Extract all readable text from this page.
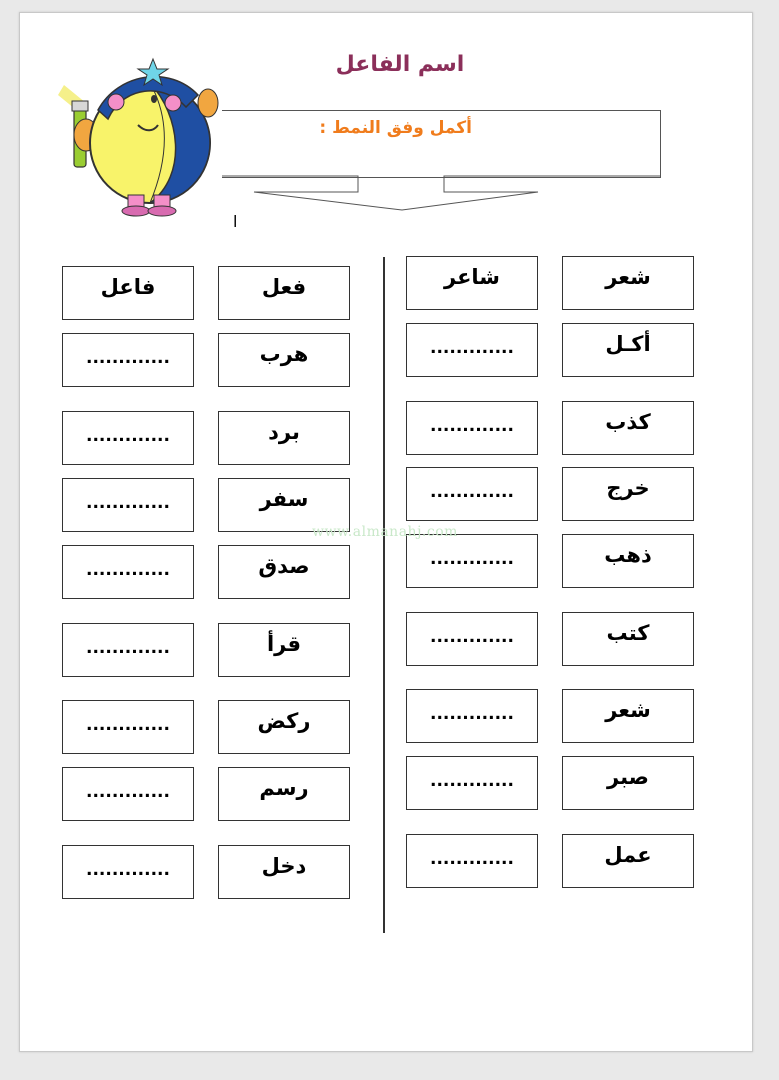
اسم الفاعل
أكمل وفق النمط :
ا
فاعل	فعل
.............	هرب
.............	برد
.............	سفر
.............	صدق
.............	قرأ
.............	ركض
.............	رسم
.............	دخل
شاعر	شعر
.............	أكـل
.............	كذب
.............	خرج
.............	ذهب
.............	كتب
.............	شعر
.............	صبر
.............	عمل
www.almanahj.com
